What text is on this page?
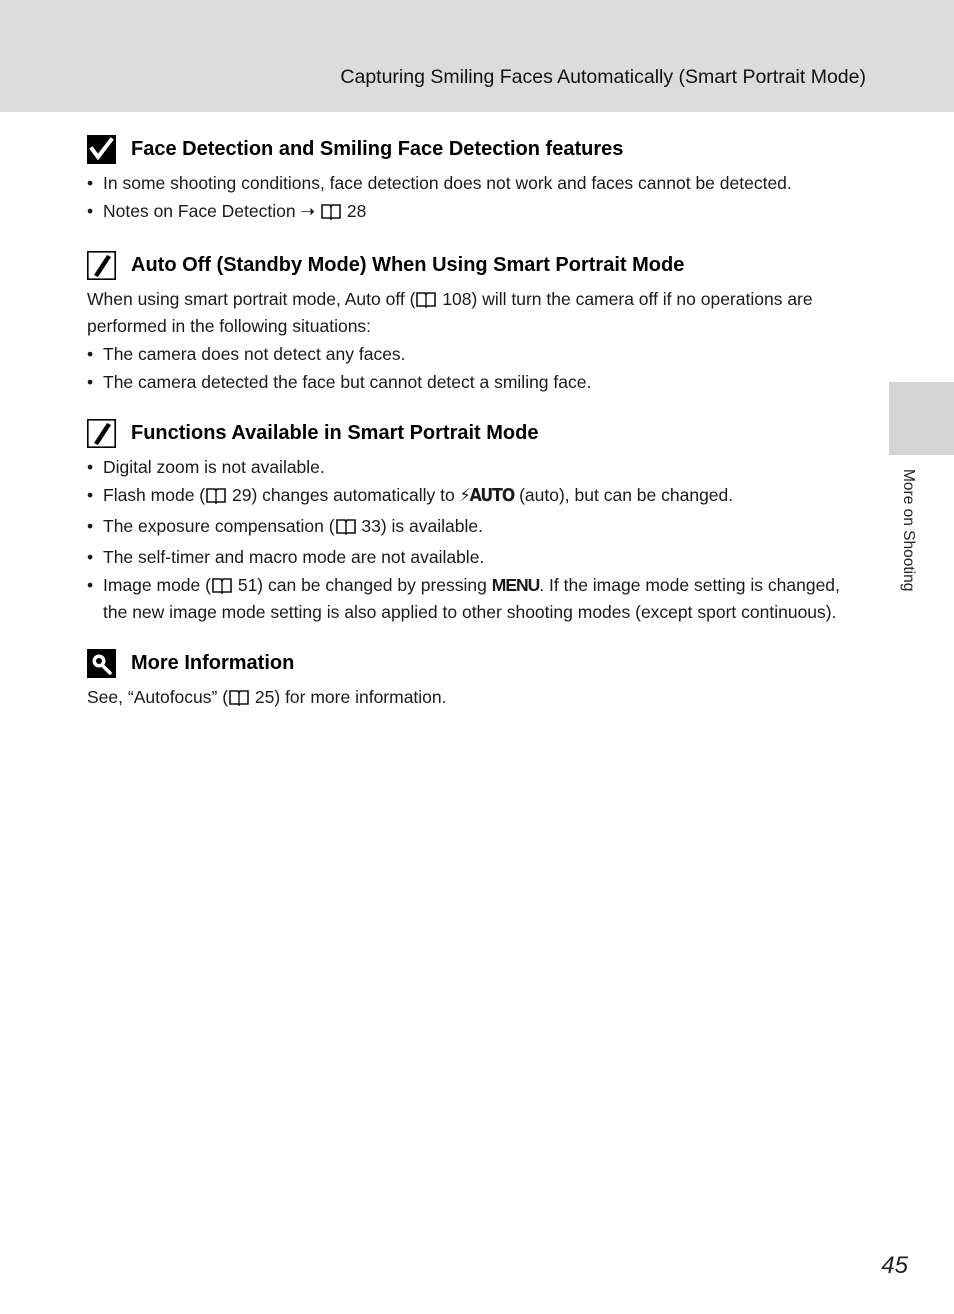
Capturing Smiling Faces Automatically (Smart Portrait Mode)
More on Shooting
Face Detection and Smiling Face Detection features
• In some shooting conditions, face detection does not work and faces cannot be detected.
• Notes on Face Detection ➝  28
Auto Off (Standby Mode) When Using Smart Portrait Mode

When using smart portrait mode, Auto off ( 108) will turn the camera off if no operations are performed in the following situations:

• The camera does not detect any faces.
• The camera detected the face but cannot detect a smiling face.
Functions Available in Smart Portrait Mode
• Digital zoom is not available.
• Flash mode ( 29) changes automatically to ⚡AUTO (auto), but can be changed.
• The exposure compensation ( 33) is available.
• The self-timer and macro mode are not available.
• Image mode ( 51) can be changed by pressing MENU. If the image mode setting is changed, the new image mode setting is also applied to other shooting modes (except sport continuous).
More Information

See, “Autofocus” ( 25) for more information.

45
